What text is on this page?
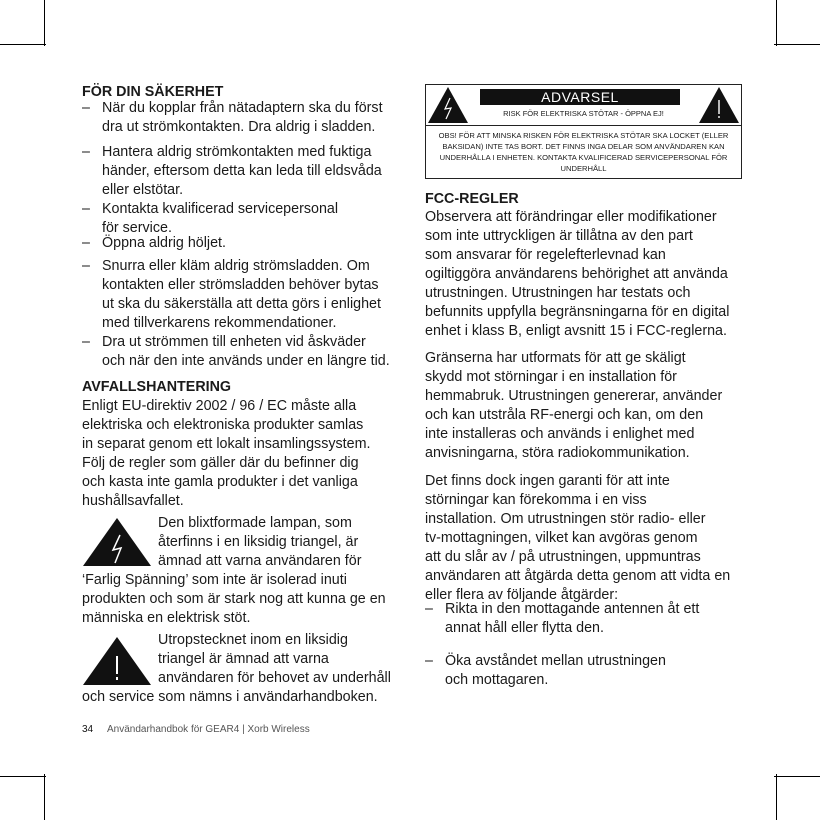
FÖR DIN SÄKERHET
– När du kopplar från nätadaptern ska du först
dra ut strömkontakten. Dra aldrig i sladden.
– Hantera aldrig strömkontakten med fuktiga
händer, eftersom detta kan leda till eldsvåda
eller elstötar.
– Kontakta kvalificerad servicepersonal
för service.
– Öppna aldrig höljet.
– Snurra eller kläm aldrig strömsladden. Om
kontakten eller strömsladden behöver bytas
ut ska du säkerställa att detta görs i enlighet
med tillverkarens rekommendationer.
– Dra ut strömmen till enheten vid åskväder
och när den inte används under en längre tid.
AVFALLSHANTERING
Enligt EU-direktiv 2002 / 96 / EC måste alla
elektriska och elektroniska produkter samlas
in separat genom ett lokalt insamlingssystem.
Följ de regler som gäller där du befinner dig
och kasta inte gamla produkter i det vanliga
hushållsavfallet.
Den blixtformade lampan, som
återfinns i en liksidig triangel, är
ämnad att varna användaren för
‘Farlig Spänning’ som inte är isolerad inuti
produkten och som är stark nog att kunna ge en
människa en elektrisk stöt.
Utropstecknet inom en liksidig
triangel är ämnad att varna
användaren för behovet av underhåll
och service som nämns i användarhandboken.
ADVARSEL
RISK FÖR ELEKTRISKA STÖTAR - ÖPPNA EJ!
OBS! FÖR ATT MINSKA RISKEN FÖR ELEKTRISKA STÖTAR SKA LOCKET (ELLER
BAKSIDAN) INTE TAS BORT. DET FINNS INGA DELAR SOM ANVÄNDAREN KAN
UNDERHÅLLA I ENHETEN. KONTAKTA KVALIFICERAD SERVICEPERSONAL FÖR
UNDERHÅLL
FCC-REGLER
Observera att förändringar eller modifikationer
som inte uttryckligen är tillåtna av den part
som ansvarar för regelefterlevnad kan
ogiltiggöra användarens behörighet att använda
utrustningen. Utrustningen har testats och
befunnits uppfylla begränsningarna för en digital
enhet i klass B, enligt avsnitt 15 i FCC-reglerna.
Gränserna har utformats för att ge skäligt
skydd mot störningar i en installation för
hemmabruk. Utrustningen genererar, använder
och kan utstråla RF-energi och kan, om den
inte installeras och används i enlighet med
anvisningarna, störa radiokommunikation.
Det finns dock ingen garanti för att inte
störningar kan förekomma i en viss
installation. Om utrustningen stör radio- eller
tv-mottagningen, vilket kan avgöras genom
att du slår av / på utrustningen, uppmuntras
användaren att åtgärda detta genom att vidta en
eller flera av följande åtgärder:
– Rikta in den mottagande antennen åt ett
annat håll eller flytta den.
– Öka avståndet mellan utrustningen
och mottagaren.
34 Användarhandbok för GEAR4 | Xorb Wireless
